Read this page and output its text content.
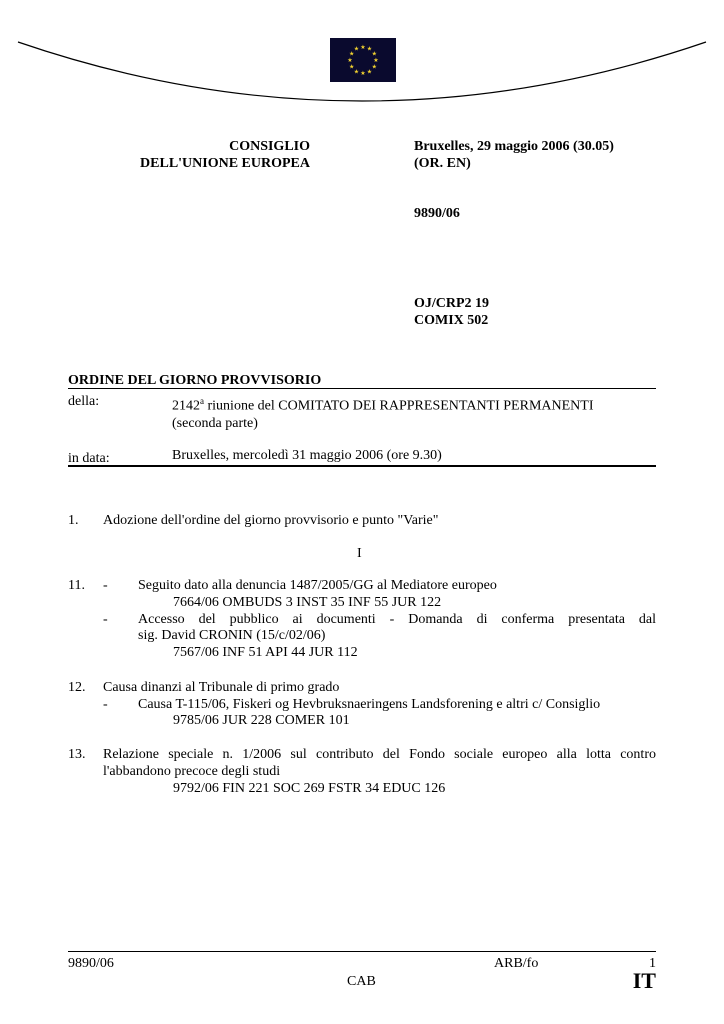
★ ★
★
★
★
★
★
★
★
★
★
★
CONSIGLIO
DELL'UNIONE EUROPEA
Bruxelles, 29 maggio 2006 (30.05)
(OR. EN)
9890/06
OJ/CRP2 19
COMIX 502
ORDINE DEL GIORNO PROVVISORIO
della:	2142$^a$ riunione del COMITATO DEI RAPPRESENTANTI PERMANENTI
(seconda parte)
in data:	Bruxelles, mercoledì 31 maggio 2006 (ore 9.30)
1. Adozione dell'ordine del giorno provvisorio e punto "Varie"
I
11. - Seguito dato alla denuncia 1487/2005/GG al Mediatore europeo
7664/06 OMBUDS 3 INST 35 INF 55 JUR 122
- Accesso del pubblico ai documenti - Domanda di conferma presentata dal
sig. David CRONIN (15/c/02/06)
7567/06 INF 51 API 44 JUR 112
12. Causa dinanzi al Tribunale di primo grado
- Causa T-115/06, Fiskeri og Hevbruksnaeringens Landsforening e altri c/ Consiglio
9785/06 JUR 228 COMER 101
13. Relazione speciale n. 1/2006 sul contributo del Fondo sociale europeo alla lotta contro
l'abbandono precoce degli studi
9792/06 FIN 221 SOC 269 FSTR 34 EDUC 126
9890/06	ARB/fo	1
CAB	IT
